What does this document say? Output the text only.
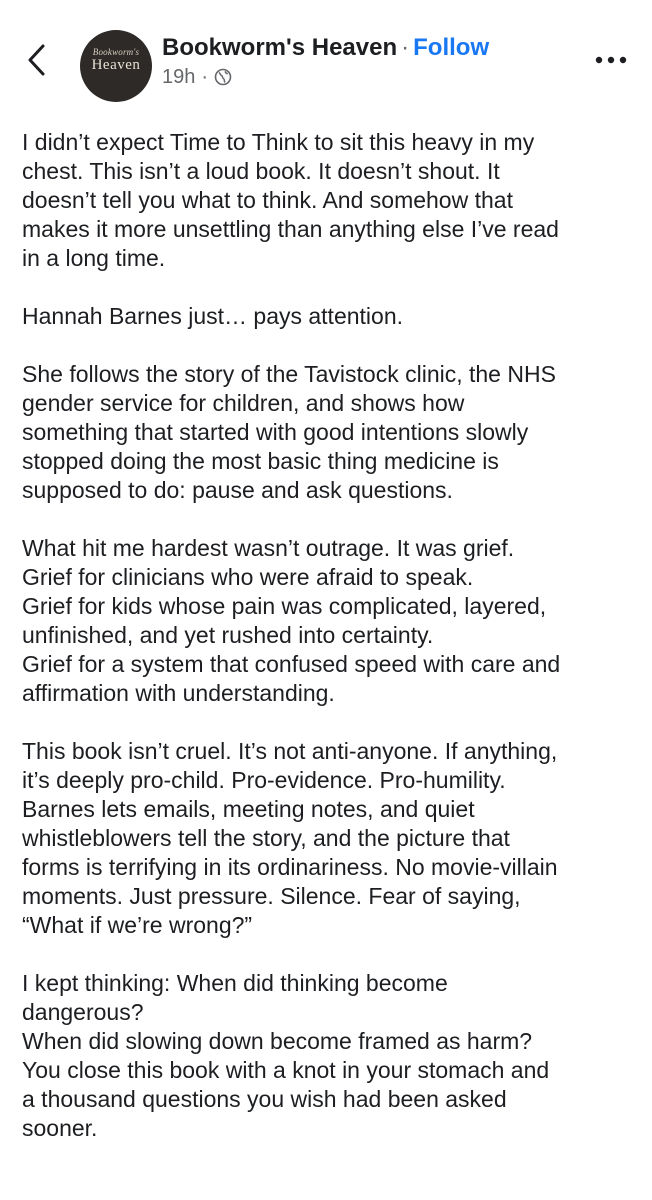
Bookworm's
Heaven
Bookworm's Heaven · Follow
19h ·
I didn’t expect Time to Think to sit this heavy in my
chest. This isn’t a loud book. It doesn’t shout. It
doesn’t tell you what to think. And somehow that
makes it more unsettling than anything else I’ve read
in a long time.
Hannah Barnes just… pays attention.
She follows the story of the Tavistock clinic, the NHS
gender service for children, and shows how
something that started with good intentions slowly
stopped doing the most basic thing medicine is
supposed to do: pause and ask questions.
What hit me hardest wasn’t outrage. It was grief.
Grief for clinicians who were afraid to speak.
Grief for kids whose pain was complicated, layered,
unfinished, and yet rushed into certainty.
Grief for a system that confused speed with care and
affirmation with understanding.
This book isn’t cruel. It’s not anti-anyone. If anything,
it’s deeply pro-child. Pro-evidence. Pro-humility.
Barnes lets emails, meeting notes, and quiet
whistleblowers tell the story, and the picture that
forms is terrifying in its ordinariness. No movie-villain
moments. Just pressure. Silence. Fear of saying,
“What if we’re wrong?”
I kept thinking: When did thinking become
dangerous?
When did slowing down become framed as harm?
You close this book with a knot in your stomach and
a thousand questions you wish had been asked
sooner.
